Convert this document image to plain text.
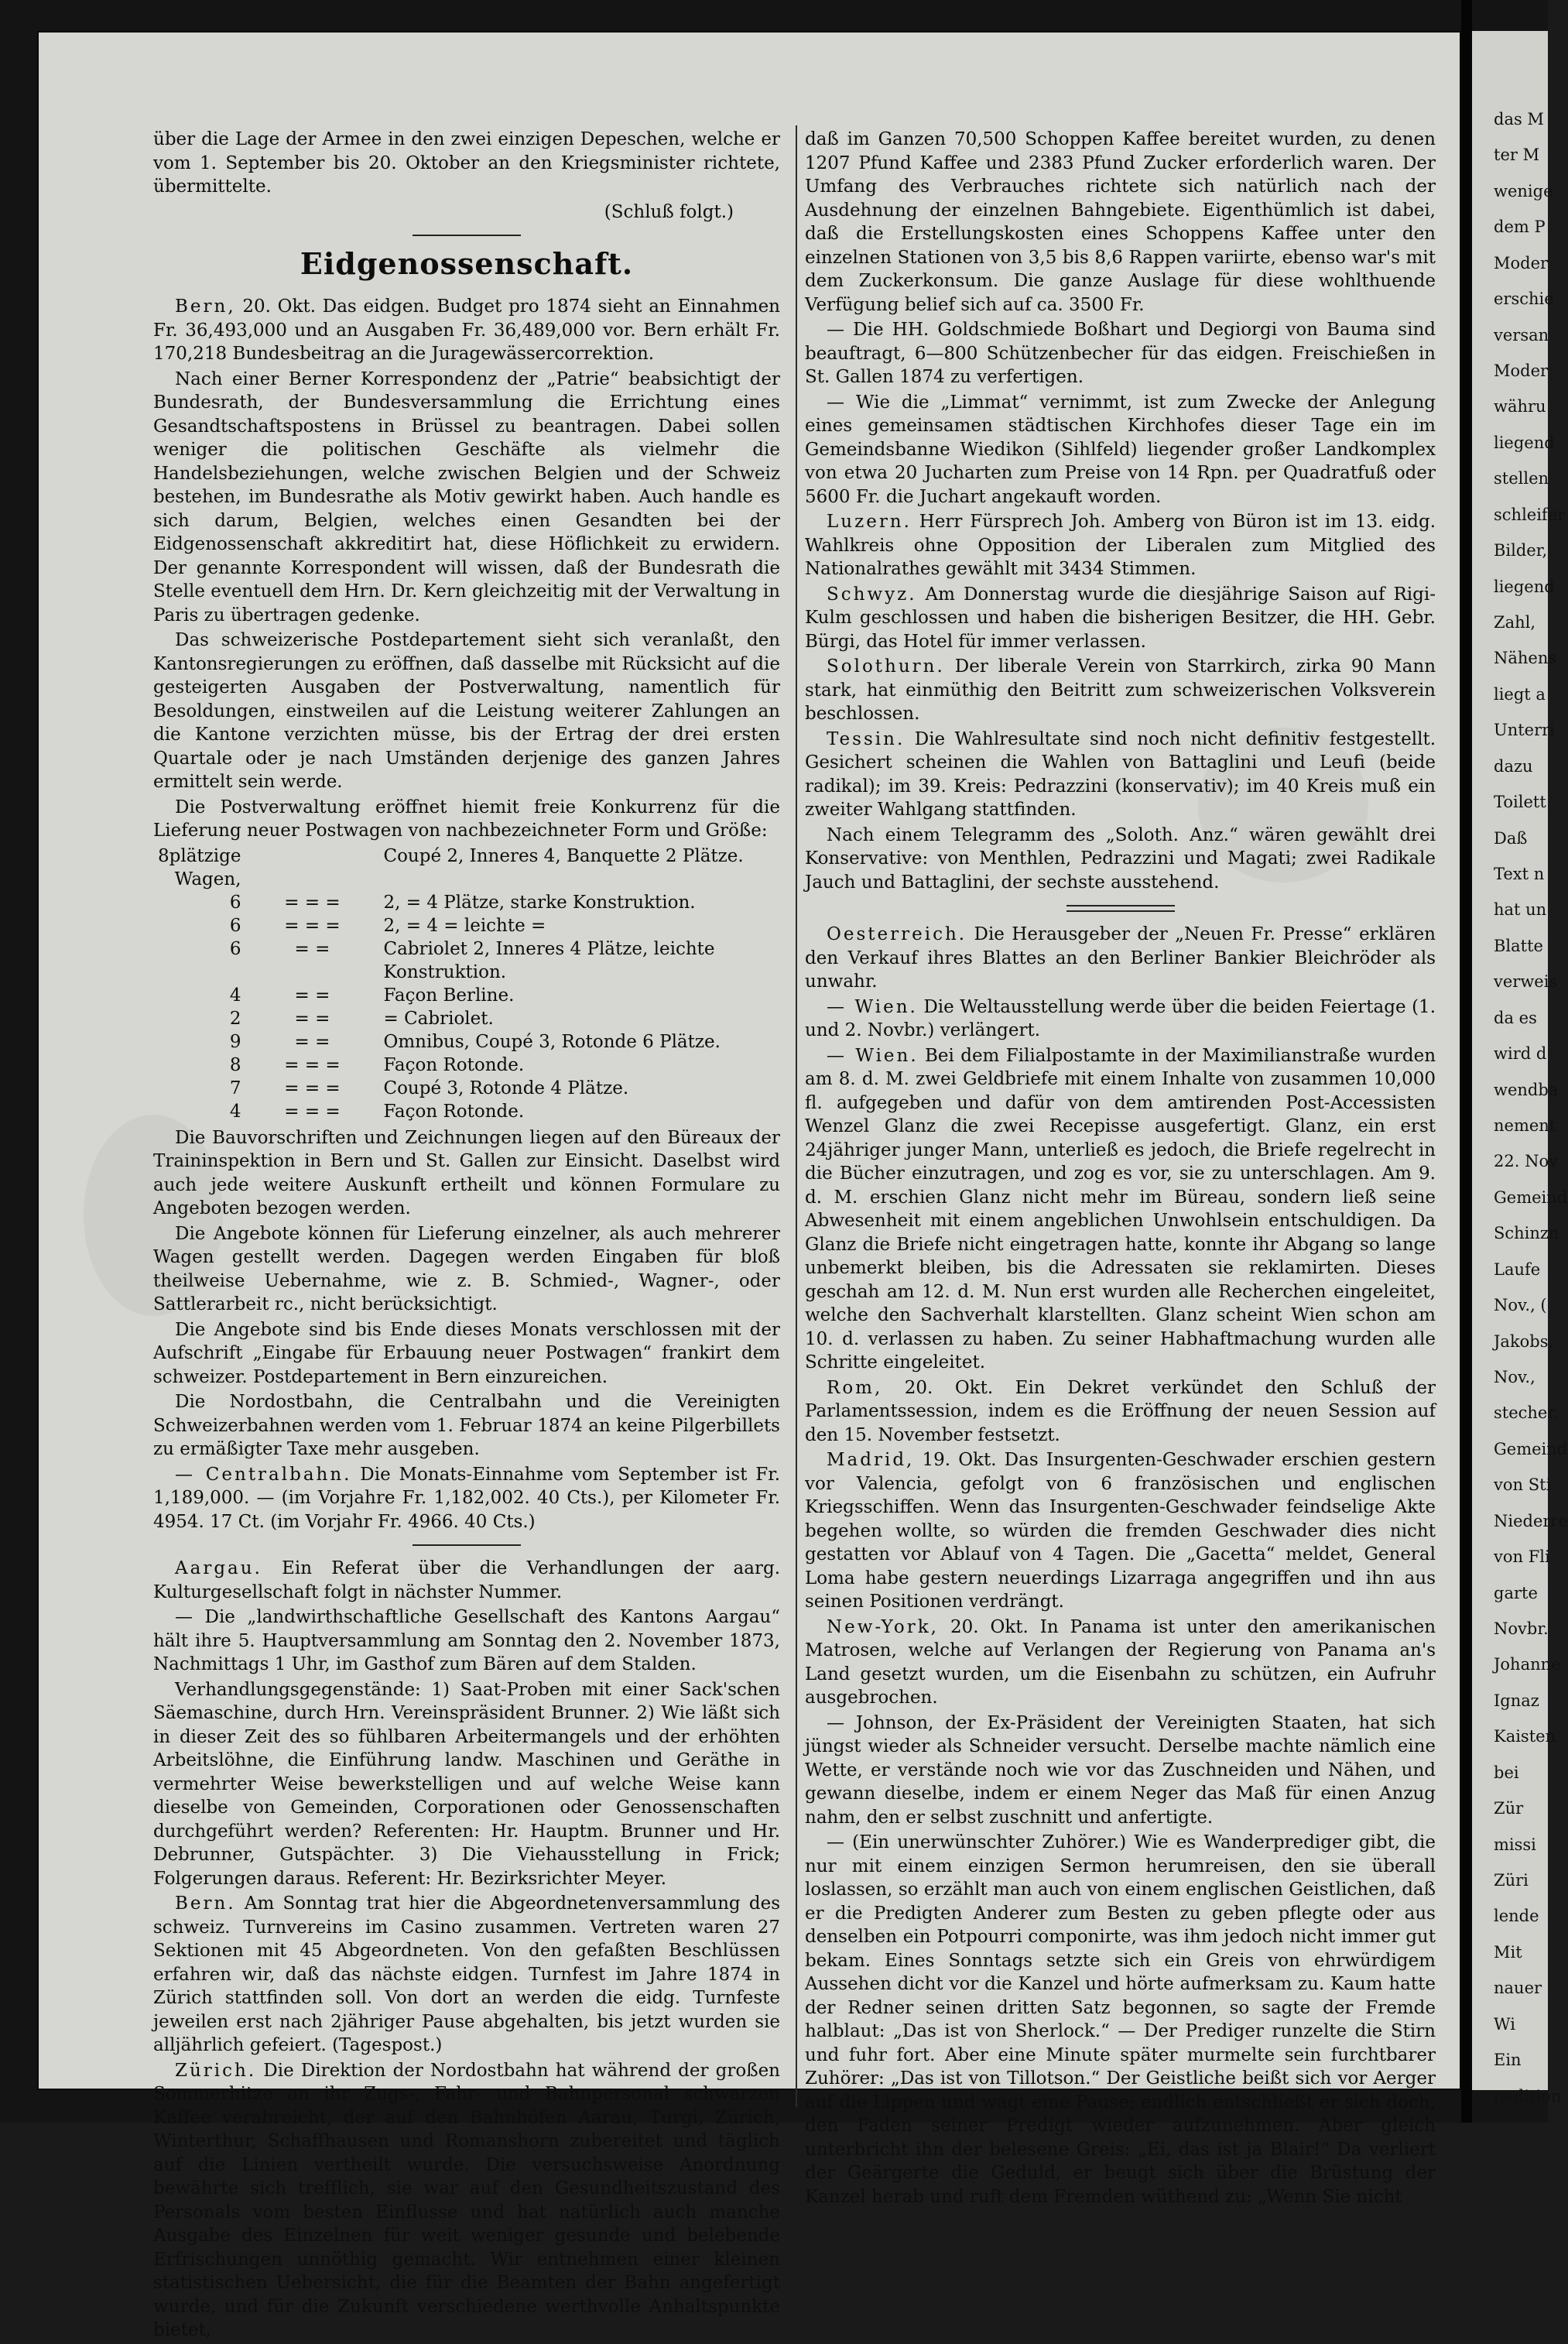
das M
ter M
wenige
dem P
Moder
erschie
versan
Moder
währu
liegend
stellen
schleifer
Bilder,
liegend
Zahl,
Nähens
liegt a
Unterri
dazu
Toilett
Daß
Text n
hat un
Blatte
verweis
da es
wird d
wendba
nement
22. Nov
Gemeind
Schinzn
Laufe
Nov., (
Jakobs,
Nov.,
stecher,
Gemeind
von Sti
Niederre
von Fli
garte
Novbr.
Johanne
Ignaz
Kaisten
bei
Zür
missi
Züri
lende
Mit
nauer
Wi
Ein
pedition

über die Lage der Armee in den zwei einzigen Depeschen, welche er vom 1. September bis 20. Oktober an den Kriegsminister richtete, übermittelte.

(Schluß folgt.)

Eidgenossenschaft.

Bern, 20. Okt. Das eidgen. Budget pro 1874 sieht an Einnahmen Fr. 36,493,000 und an Ausgaben Fr. 36,489,000 vor. Bern erhält Fr. 170,218 Bundesbeitrag an die Juragewässercorrektion.

Nach einer Berner Korrespondenz der „Patrie“ beabsichtigt der Bundesrath, der Bundesversammlung die Errichtung eines Gesandtschaftspostens in Brüssel zu beantragen. Dabei sollen weniger die politischen Geschäfte als vielmehr die Handelsbeziehungen, welche zwischen Belgien und der Schweiz bestehen, im Bundesrathe als Motiv gewirkt haben. Auch handle es sich darum, Belgien, welches einen Gesandten bei der Eidgenossenschaft akkreditirt hat, diese Höflichkeit zu erwidern. Der genannte Korrespondent will wissen, daß der Bundesrath die Stelle eventuell dem Hrn. Dr. Kern gleichzeitig mit der Verwaltung in Paris zu übertragen gedenke.

Das schweizerische Postdepartement sieht sich veranlaßt, den Kantonsregierungen zu eröffnen, daß dasselbe mit Rücksicht auf die gesteigerten Ausgaben der Postverwaltung, namentlich für Besoldungen, einstweilen auf die Leistung weiterer Zahlungen an die Kantone verzichten müsse, bis der Ertrag der drei ersten Quartale oder je nach Umständen derjenige des ganzen Jahres ermittelt sein werde.

Die Postverwaltung eröffnet hiemit freie Konkurrenz für die Lieferung neuer Postwagen von nachbezeichneter Form und Größe:

8plätzige Wagen,		Coupé 2, Inneres 4, Banquette 2 Plätze.
6	= = =	2, = 4 Plätze, starke Konstruktion.
6	= = =	2, = 4 = leichte =
6	= =	Cabriolet 2, Inneres 4 Plätze, leichte Konstruktion.
4	= =	Façon Berline.
2	= =	= Cabriolet.
9	= =	Omnibus, Coupé 3, Rotonde 6 Plätze.
8	= = =	Façon Rotonde.
7	= = =	Coupé 3, Rotonde 4 Plätze.
4	= = =	Façon Rotonde.

Die Bauvorschriften und Zeichnungen liegen auf den Büreaux der Traininspektion in Bern und St. Gallen zur Einsicht. Daselbst wird auch jede weitere Auskunft ertheilt und können Formulare zu Angeboten bezogen werden.

Die Angebote können für Lieferung einzelner, als auch mehrerer Wagen gestellt werden. Dagegen werden Eingaben für bloß theilweise Uebernahme, wie z. B. Schmied-, Wagner-, oder Sattlerarbeit rc., nicht berücksichtigt.

Die Angebote sind bis Ende dieses Monats verschlossen mit der Aufschrift „Eingabe für Erbauung neuer Postwagen“ frankirt dem schweizer. Postdepartement in Bern einzureichen.

Die Nordostbahn, die Centralbahn und die Vereinigten Schweizerbahnen werden vom 1. Februar 1874 an keine Pilgerbillets zu ermäßigter Taxe mehr ausgeben.

— Centralbahn. Die Monats-Einnahme vom September ist Fr. 1,189,000. — (im Vorjahre Fr. 1,182,002. 40 Cts.), per Kilometer Fr. 4954. 17 Ct. (im Vorjahr Fr. 4966. 40 Cts.)

Aargau. Ein Referat über die Verhandlungen der aarg. Kulturgesellschaft folgt in nächster Nummer.

— Die „landwirthschaftliche Gesellschaft des Kantons Aargau“ hält ihre 5. Hauptversammlung am Sonntag den 2. November 1873, Nachmittags 1 Uhr, im Gasthof zum Bären auf dem Stalden.

Verhandlungsgegenstände: 1) Saat-Proben mit einer Sack'schen Säemaschine, durch Hrn. Vereinspräsident Brunner. 2) Wie läßt sich in dieser Zeit des so fühlbaren Arbeitermangels und der erhöhten Arbeitslöhne, die Einführung landw. Maschinen und Geräthe in vermehrter Weise bewerkstelligen und auf welche Weise kann dieselbe von Gemeinden, Corporationen oder Genossenschaften durchgeführt werden? Referenten: Hr. Hauptm. Brunner und Hr. Debrunner, Gutspächter. 3) Die Viehausstellung in Frick; Folgerungen daraus. Referent: Hr. Bezirksrichter Meyer.

Bern. Am Sonntag trat hier die Abgeordnetenversammlung des schweiz. Turnvereins im Casino zusammen. Vertreten waren 27 Sektionen mit 45 Abgeordneten. Von den gefaßten Beschlüssen erfahren wir, daß das nächste eidgen. Turnfest im Jahre 1874 in Zürich stattfinden soll. Von dort an werden die eidg. Turnfeste jeweilen erst nach 2jähriger Pause abgehalten, bis jetzt wurden sie alljährlich gefeiert. (Tagespost.)

Zürich. Die Direktion der Nordostbahn hat während der großen Sommerhitze an ihr Zugs-, Fahr- und Bahnpersonal schwarzen Kaffee verabreicht, der auf den Bahnhöfen Aarau, Turgi, Zürich, Winterthur, Schaffhausen und Romanshorn zubereitet und täglich auf die Linien vertheilt wurde. Die versuchsweise Anordnung bewährte sich trefflich, sie war auf den Gesundheitszustand des Personals vom besten Einflusse und hat natürlich auch manche Ausgabe des Einzelnen für weit weniger gesunde und belebende Erfrischungen unnöthig gemacht. Wir entnehmen einer kleinen statistischen Uebersicht, die für die Beamten der Bahn angefertigt wurde, und für die Zukunft verschiedene werthvolle Anhaltspunkte bietet,

daß im Ganzen 70,500 Schoppen Kaffee bereitet wurden, zu denen 1207 Pfund Kaffee und 2383 Pfund Zucker erforderlich waren. Der Umfang des Verbrauches richtete sich natürlich nach der Ausdehnung der einzelnen Bahngebiete. Eigenthümlich ist dabei, daß die Erstellungskosten eines Schoppens Kaffee unter den einzelnen Stationen von 3,5 bis 8,6 Rappen variirte, ebenso war's mit dem Zuckerkonsum. Die ganze Auslage für diese wohlthuende Verfügung belief sich auf ca. 3500 Fr.

— Die HH. Goldschmiede Boßhart und Degiorgi von Bauma sind beauftragt, 6—800 Schützenbecher für das eidgen. Freischießen in St. Gallen 1874 zu verfertigen.

— Wie die „Limmat“ vernimmt, ist zum Zwecke der Anlegung eines gemeinsamen städtischen Kirchhofes dieser Tage ein im Gemeindsbanne Wiedikon (Sihlfeld) liegender großer Landkomplex von etwa 20 Jucharten zum Preise von 14 Rpn. per Quadratfuß oder 5600 Fr. die Juchart angekauft worden.

Luzern. Herr Fürsprech Joh. Amberg von Büron ist im 13. eidg. Wahlkreis ohne Opposition der Liberalen zum Mitglied des Nationalrathes gewählt mit 3434 Stimmen.

Schwyz. Am Donnerstag wurde die diesjährige Saison auf Rigi-Kulm geschlossen und haben die bisherigen Besitzer, die HH. Gebr. Bürgi, das Hotel für immer verlassen.

Solothurn. Der liberale Verein von Starrkirch, zirka 90 Mann stark, hat einmüthig den Beitritt zum schweizerischen Volksverein beschlossen.

Tessin. Die Wahlresultate sind noch nicht definitiv festgestellt. Gesichert scheinen die Wahlen von Battaglini und Leufi (beide radikal); im 39. Kreis: Pedrazzini (konservativ); im 40 Kreis muß ein zweiter Wahlgang stattfinden.

Nach einem Telegramm des „Soloth. Anz.“ wären gewählt drei Konservative: von Menthlen, Pedrazzini und Magati; zwei Radikale Jauch und Battaglini, der sechste ausstehend.

Oesterreich. Die Herausgeber der „Neuen Fr. Presse“ erklären den Verkauf ihres Blattes an den Berliner Bankier Bleichröder als unwahr.

— Wien. Die Weltausstellung werde über die beiden Feiertage (1. und 2. Novbr.) verlängert.

— Wien. Bei dem Filialpostamte in der Maximilianstraße wurden am 8. d. M. zwei Geldbriefe mit einem Inhalte von zusammen 10,000 fl. aufgegeben und dafür von dem amtirenden Post-Accessisten Wenzel Glanz die zwei Recepisse ausgefertigt. Glanz, ein erst 24jähriger junger Mann, unterließ es jedoch, die Briefe regelrecht in die Bücher einzutragen, und zog es vor, sie zu unterschlagen. Am 9. d. M. erschien Glanz nicht mehr im Büreau, sondern ließ seine Abwesenheit mit einem angeblichen Unwohlsein entschuldigen. Da Glanz die Briefe nicht eingetragen hatte, konnte ihr Abgang so lange unbemerkt bleiben, bis die Adressaten sie reklamirten. Dieses geschah am 12. d. M. Nun erst wurden alle Recherchen eingeleitet, welche den Sachverhalt klarstellten. Glanz scheint Wien schon am 10. d. verlassen zu haben. Zu seiner Habhaftmachung wurden alle Schritte eingeleitet.

Rom, 20. Okt. Ein Dekret verkündet den Schluß der Parlamentssession, indem es die Eröffnung der neuen Session auf den 15. November festsetzt.

Madrid, 19. Okt. Das Insurgenten-Geschwader erschien gestern vor Valencia, gefolgt von 6 französischen und englischen Kriegsschiffen. Wenn das Insurgenten-Geschwader feindselige Akte begehen wollte, so würden die fremden Geschwader dies nicht gestatten vor Ablauf von 4 Tagen. Die „Gacetta“ meldet, General Loma habe gestern neuerdings Lizarraga angegriffen und ihn aus seinen Positionen verdrängt.

New-York, 20. Okt. In Panama ist unter den amerikanischen Matrosen, welche auf Verlangen der Regierung von Panama an's Land gesetzt wurden, um die Eisenbahn zu schützen, ein Aufruhr ausgebrochen.

— Johnson, der Ex-Präsident der Vereinigten Staaten, hat sich jüngst wieder als Schneider versucht. Derselbe machte nämlich eine Wette, er verstände noch wie vor das Zuschneiden und Nähen, und gewann dieselbe, indem er einem Neger das Maß für einen Anzug nahm, den er selbst zuschnitt und anfertigte.

— (Ein unerwünschter Zuhörer.) Wie es Wanderprediger gibt, die nur mit einem einzigen Sermon herumreisen, den sie überall loslassen, so erzählt man auch von einem englischen Geistlichen, daß er die Predigten Anderer zum Besten zu geben pflegte oder aus denselben ein Potpourri componirte, was ihm jedoch nicht immer gut bekam. Eines Sonntags setzte sich ein Greis von ehrwürdigem Aussehen dicht vor die Kanzel und hörte aufmerksam zu. Kaum hatte der Redner seinen dritten Satz begonnen, so sagte der Fremde halblaut: „Das ist von Sherlock.“ — Der Prediger runzelte die Stirn und fuhr fort. Aber eine Minute später murmelte sein furchtbarer Zuhörer: „Das ist von Tillotson.“ Der Geistliche beißt sich vor Aerger auf die Lippen und wagt eine Pause; endlich entschließt er sich doch, den Faden seiner Predigt wieder aufzunehmen. Aber gleich unterbricht ihn der belesene Greis: „Ei, das ist ja Blair!“ Da verliert der Geärgerte die Geduld, er beugt sich über die Brüstung der Kanzel herab und ruft dem Fremden wüthend zu: „Wenn Sie nicht
